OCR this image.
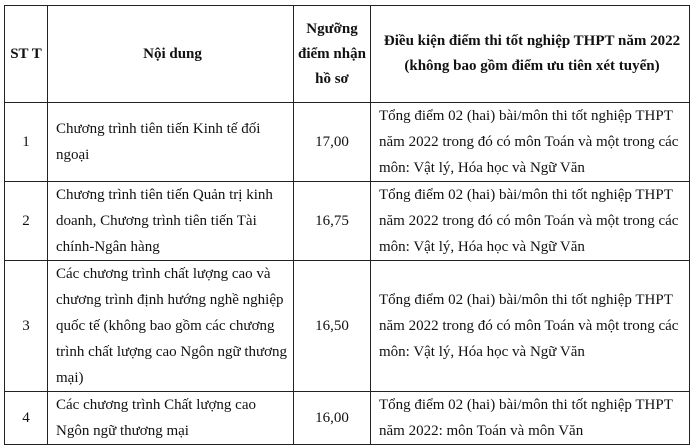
ST T	Nội dung	Ngưỡng điểm nhận hồ sơ	Điều kiện điểm thi tốt nghiệp THPT năm 2022
(không bao gồm điểm ưu tiên xét tuyển)

1	Chương trình tiên tiến Kinh tế đối ngoại	17,00	Tổng điểm 02 (hai) bài/môn thi tốt nghiệp THPT năm 2022 trong đó có môn Toán và một trong các môn: Vật lý, Hóa học và Ngữ Văn
2	Chương trình tiên tiến Quản trị kinh doanh, Chương trình tiên tiến Tài chính-Ngân hàng	16,75	Tổng điểm 02 (hai) bài/môn thi tốt nghiệp THPT năm 2022 trong đó có môn Toán và một trong các môn: Vật lý, Hóa học và Ngữ Văn
3	Các chương trình chất lượng cao và chương trình định hướng nghề nghiệp quốc tế (không bao gồm các chương trình chất lượng cao Ngôn ngữ thương mại)	16,50	Tổng điểm 02 (hai) bài/môn thi tốt nghiệp THPT năm 2022 trong đó có môn Toán và một trong các môn: Vật lý, Hóa học và Ngữ Văn
4	Các chương trình Chất lượng cao Ngôn ngữ thương mại	16,00	Tổng điểm 02 (hai) bài/môn thi tốt nghiệp THPT năm 2022: môn Toán và môn Văn
